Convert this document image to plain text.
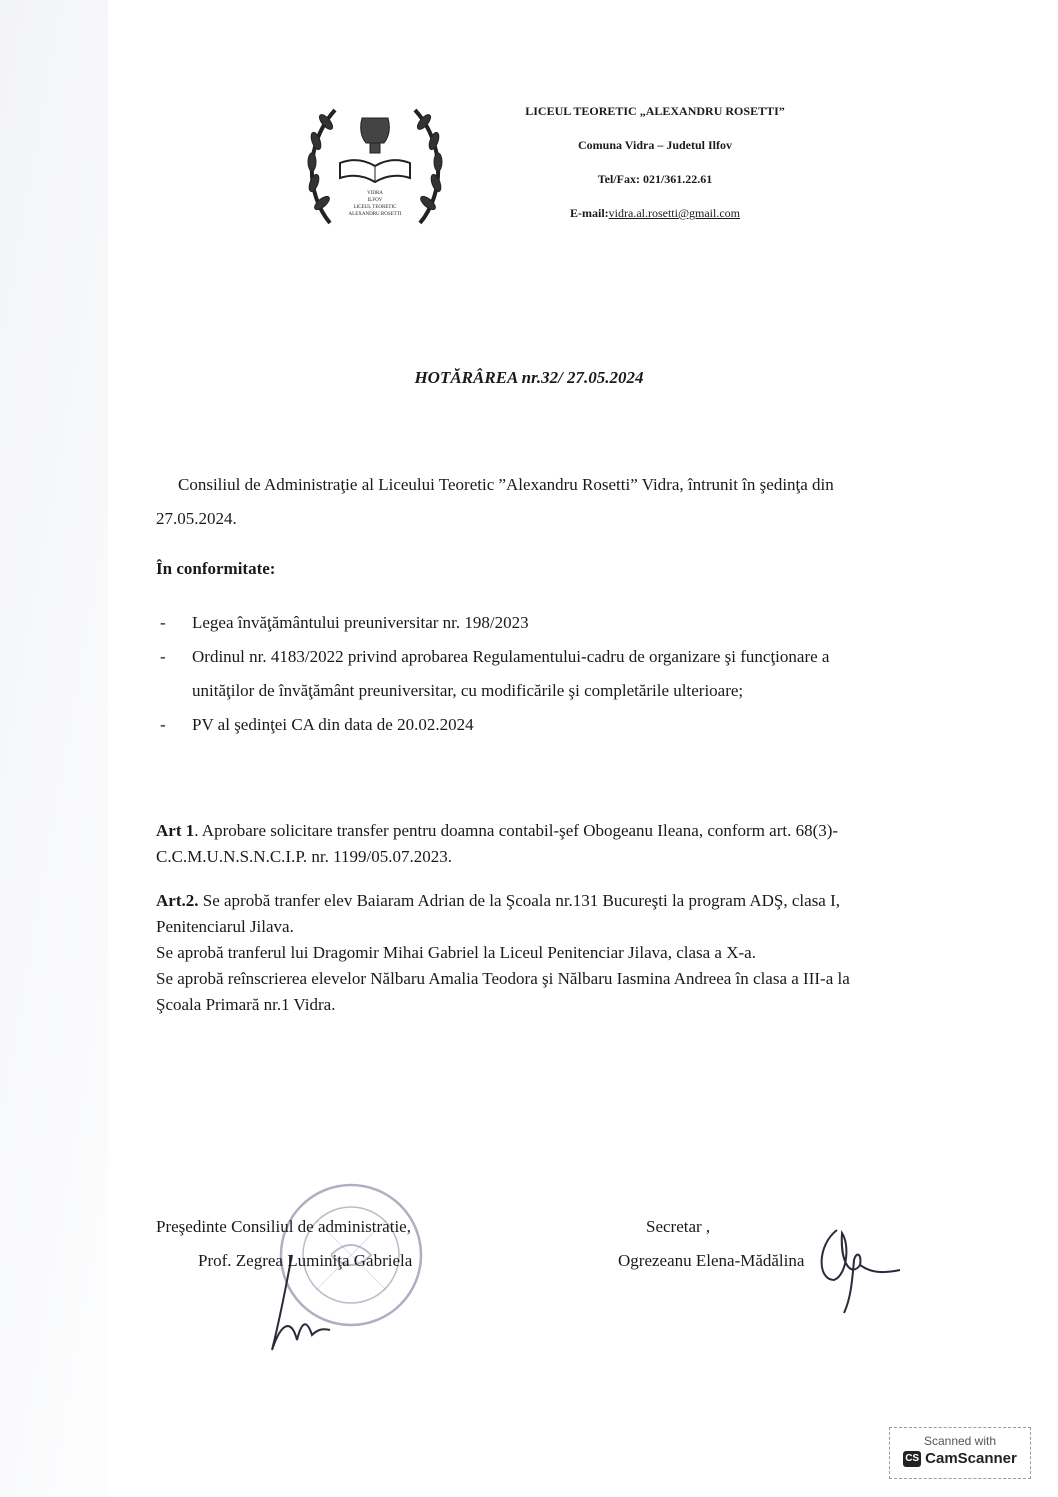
VIDRA
ILFOV
LICEUL TEORETIC
ALEXANDRU ROSETTI
LICEUL TEORETIC „ALEXANDRU ROSETTI”
Comuna Vidra – Judetul Ilfov
Tel/Fax: 021/361.22.61
E-mail:vidra.al.rosetti@gmail.com
HOTĂRÂREA nr.32/ 27.05.2024
Consiliul de Administraţie al Liceului Teoretic ”Alexandru Rosetti” Vidra, întrunit în şedinţa din 27.05.2024.
În conformitate:
- Legea învăţământului preuniversitar nr. 198/2023
- Ordinul nr. 4183/2022 privind aprobarea Regulamentului-cadru de organizare şi funcţionare a unităţilor de învăţământ preuniversitar, cu modificările şi completările ulterioare;
- PV al şedinţei CA din data de 20.02.2024
Art 1. Aprobare solicitare transfer pentru doamna contabil-şef Obogeanu Ileana, conform art. 68(3)-C.C.M.U.N.S.N.C.I.P. nr. 1199/05.07.2023.
Art.2. Se aprobă tranfer elev Baiaram Adrian de la Şcoala nr.131 Bucureşti la program ADŞ, clasa I, Penitenciarul Jilava.
Se aprobă tranferul lui Dragomir Mihai Gabriel la Liceul Penitenciar Jilava, clasa a X-a.
Se aprobă reînscrierea elevelor Nălbaru Amalia Teodora şi Nălbaru Iasmina Andreea în clasa a III-a la Şcoala Primară nr.1 Vidra.
Preşedinte Consiliul de administratie,
Prof. Zegrea Luminiţa Gabriela
Secretar ,
Ogrezeanu Elena-Mădălina
Scanned with
CS CamScanner
